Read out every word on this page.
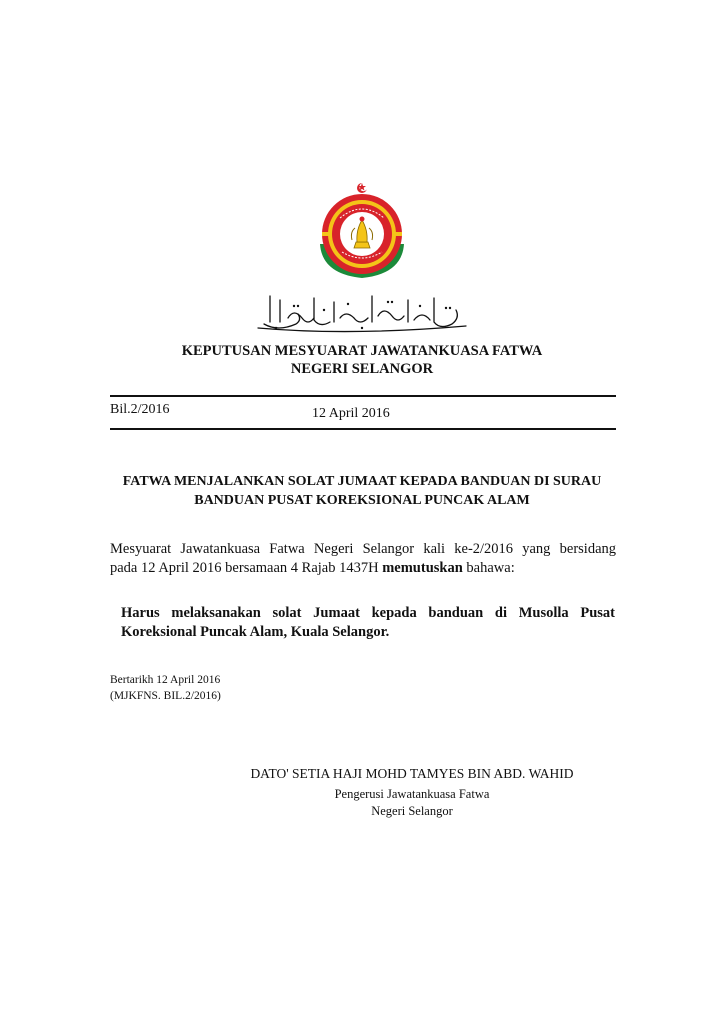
KEPUTUSAN MESYUARAT JAWATANKUASA FATWA
NEGERI SELANGOR
Bil.2/2016	12 April 2016
FATWA MENJALANKAN SOLAT JUMAAT KEPADA BANDUAN DI SURAU
BANDUAN PUSAT KOREKSIONAL PUNCAK ALAM
Mesyuarat Jawatankuasa Fatwa Negeri Selangor kali ke-2/2016 yang bersidang
pada 12 April 2016 bersamaan 4 Rajab 1437H memutuskan bahawa:
Harus melaksanakan solat Jumaat kepada banduan di Musolla Pusat
Koreksional Puncak Alam, Kuala Selangor.
Bertarikh 12 April 2016
(MJKFNS. BIL.2/2016)
DATO' SETIA HAJI MOHD TAMYES BIN ABD. WAHID
Pengerusi Jawatankuasa Fatwa
Negeri Selangor
